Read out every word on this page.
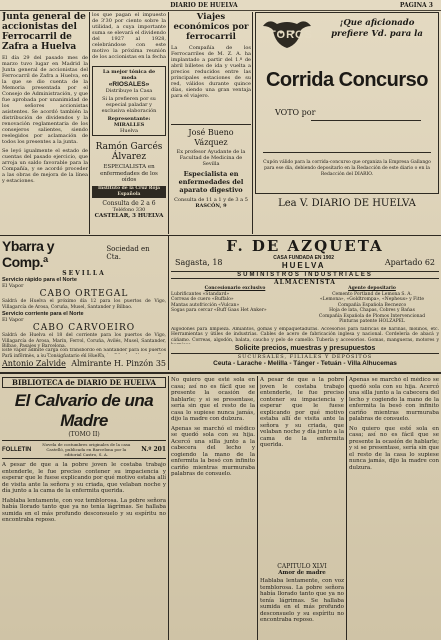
DIARIO DE HUELVA	PAGINA 3
Junta general de accionistas del Ferrocarril de Zafra a Huelva
El día 29 del pasado mes de marzo tuvo lugar en Madrid la Junta general de accionistas del Ferrocarril de Zafra a Huelva, en la que se dio cuenta de la Memoria presentada por el Consejo de Administración, y que fue aprobada por unanimidad de los señores accionistas asistentes. Se acordó también la distribución de dividendos y la renovación reglamentaria de los consejeros salientes, siendo reelegidos por aclamación de todos los presentes a la junta.
Se leyó igualmente el estado de cuentas del pasado ejercicio, que arroja un saldo favorable para la Compañía, y se acordó proceder a las obras de mejora de la línea y estaciones.
los que pagan el impuesto de 3'30 por ciento sobre la utilidad, a cuya importante suma se elevará el dividendo del 1927 al 1928, celebrándose con este motivo la próxima reunión de los accionistas en la fecha
La mejor tónica de moda
«RIOSALES»
Distribuye la Casa
Si la prefieren por su especial paladar y exclusiva elaboración
Representante: MIRALLES
Huelva
Ramón Garcés Álvarez
ESPECIALISTA en enfermedades de los oídos
Instituto de la Cruz Roja Española
Consulta de 2 a 6
Teléfono 330
CASTELAR, 3 HUELVA
Viajes económicos por ferrocarril
La Compañía de los Ferrocarriles de M. Z. A. ha implantado a partir del 1.º de abril billetes de ida y vuelta a precios reducidos entre las principales estaciones de su red, válidos durante quince días, siendo una gran ventaja para el viajero.
José Bueno Vázquez
Ex profesor Ayudante de la Facultad de Medicina de Sevilla
Especialista en enfermedades del aparato digestivo
Consulta de 11 a 1 y de 3 a 5
RASCÓN, 9
TOROS
¡Que aficionado prefiere Vd. para la
Corrida Concurso
VOTO por
Cupón válido para la corrida-concurso que organiza la Empresa Gallango para ese día, debiendo depositarlo en la Redacción de este diario o en la Redacción del DIARIO.
Lea V. DIARIO DE HUELVA
Ybarra y Comp.ª
Sociedad en Cta.
SEVILLA
Servicio rápido para el Norte
El Vapor
CABO ORTEGAL
Saldrá de Huelva el próximo día 12 para los puertos de Vigo, Villagarcía de Arosa, Coruña, Musel, Santander y Bilbao.
Servicio corriente para el Norte
El Vapor
CABO CARVOEIRO
Saldrá de Huelva el 18 del corriente para los puertos de Vigo, Villagarcía de Arosa, Marín, Ferrol, Coruña, Avilés, Musel, Santander, Bilbao, Pasajes y Barcelona.
Este vapor admite carga con transbordo en Santander para los puertos
Para informes, a su Consignatario en Huelva,
Antonio Zalvide Almirante H. Pinzón 35
F. DE AZQUETA
Sagasta, 18	CASA FUNDADA EN 1902
HUELVA	Apartado 62
SUMINISTROS INDUSTRIALES
ALMACENISTA
Concesionario exclusivo
Lubrificantes «Standard»
Correas de cuero «Buffalo»
Mantas autofricción «Vulcan»
Sogas para cercar «Buff Gaas Het Anker»
Agente depositario
Cemento Portland de Lemona S. A.
«Lemona», «Goldtrompa», «Nepheus» y Fitte
Compañía Española Becnezco
Hoja de lata, Chapas, Cobres y Bañas
Compañía Española de Plomos Intervencionad
Pinturas patente HOLZAPEL
Algodones para limpieza. Amiantos, gomas y empaquetaduras. Accesorios para fábricas de harinas, molinos, etc. Herramientas y útiles de industrias. Cables de acero de fabricación inglesa y nacional. Cordelería de abacá y cáñamo. Correas, algodón, balata, caucho y pelo de camello. Tubería y accesorios. Gomas, mangueras, motores y
Solicite precios, muestras y presupuestos
SUCURSALES, FILIALES Y DEPÓSITOS
Ceuta - Larache - Melilla - Tánger - Tetuán - Villa Alhucemas
BIBLIOTECA de DIARIO DE HUELVA
El Calvario de una Madre
(TOMO II)
FOLLETIN
Novela de costumbres originales de la casa Castelló, publicada en Barcelona por la editorial Castro, S. A.
N.º 201
A pesar de que a la pobre joven le costaba trabajo entenderle, le fue preciso contener su impaciencia y esperar que le fuese explicando por qué motivo estaba allí de visita ante la señora y su criada, que velaban noche y día junto a la cama de la enfermita querida.
Hablaba lentamente, con voz temblorosa. La pobre señora había llorado tanto que ya no tenía lágrimas. Se hallaba sumida en el más profundo desconsuelo y su espíritu no encontraba reposo.
No quiero que esté sola en casa; así no es fácil que se presente la ocasión de hablarle; y si se presentase, sería sin que el resto de la casa lo supiese nunca jamás, dijo la madre con dulzura.
Apenas se marchó el médico se quedó sola con su hija. Acercó una silla junto a la cabecera del lecho y cogiendo la mano de la enfermita la besó con infinito cariño mientras murmuraba palabras de consuelo.
A pesar de que a la pobre joven le costaba trabajo entenderle, le fue preciso contener su impaciencia y esperar que le fuese explicando por qué motivo estaba allí de visita ante la señora y su criada, que velaban noche y día junto a la cama de la enfermita querida.
CAPITULO XLVI
Amor de madre
Hablaba lentamente, con voz temblorosa. La pobre señora había llorado tanto que ya no tenía lágrimas. Se hallaba sumida en el más profundo desconsuelo y su espíritu no encontraba reposo.
Apenas se marchó el médico se quedó sola con su hija. Acercó una silla junto a la cabecera del lecho y cogiendo la mano de la enfermita la besó con infinito cariño mientras murmuraba palabras de consuelo.
No quiero que esté sola en casa; así no es fácil que se presente la ocasión de hablarle; y si se presentase, sería sin que el resto de la casa lo supiese nunca jamás, dijo la madre con dulzura.
